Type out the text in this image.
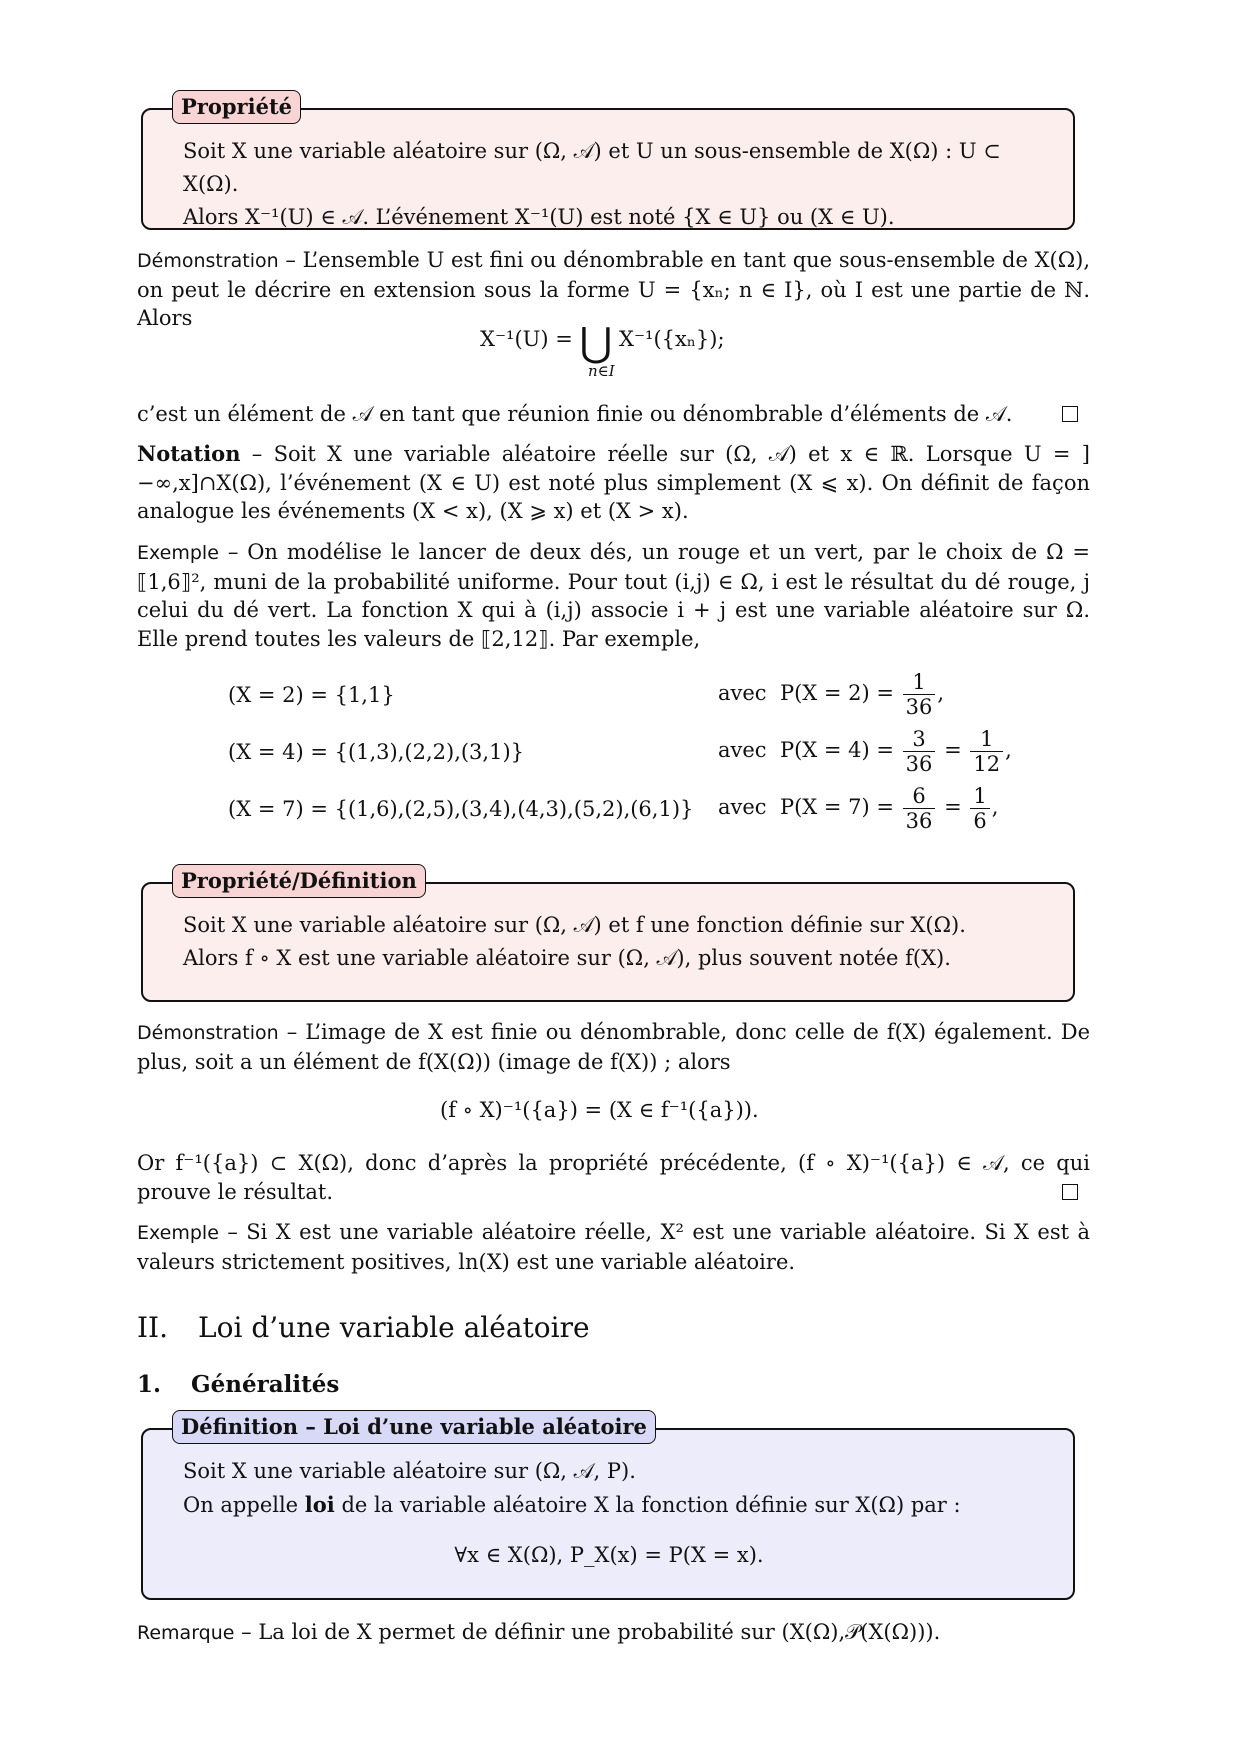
Propriété
Soit X une variable aléatoire sur (Ω, 𝒜) et U un sous-ensemble de X(Ω) : U ⊂ X(Ω).
Alors X⁻¹(U) ∈ 𝒜. L’événement X⁻¹(U) est noté {X ∈ U} ou (X ∈ U).
Démonstration – L’ensemble U est fini ou dénombrable en tant que sous-ensemble de X(Ω), on peut le décrire en extension sous la forme U = {xₙ; n ∈ I}, où I est une partie de ℕ. Alors
X⁻¹(U) = ⋃ X⁻¹({xₙ});
n∈I
c’est un élément de 𝒜 en tant que réunion finie ou dénombrable d’éléments de 𝒜.
Notation – Soit X une variable aléatoire réelle sur (Ω, 𝒜) et x ∈ ℝ. Lorsque U = ]−∞,x]∩X(Ω), l’événement (X ∈ U) est noté plus simplement (X ⩽ x). On définit de façon analogue les événements (X < x), (X ⩾ x) et (X > x).
Exemple – On modélise le lancer de deux dés, un rouge et un vert, par le choix de Ω = ⟦1,6⟧², muni de la probabilité uniforme. Pour tout (i,j) ∈ Ω, i est le résultat du dé rouge, j celui du dé vert. La fonction X qui à (i,j) associe i + j est une variable aléatoire sur Ω. Elle prend toutes les valeurs de ⟦2,12⟧. Par exemple,
(X = 2) = {1,1}	avec $P(X = 2) = \frac{1}{36}$ ,
(X = 4) = {(1,3),(2,2),(3,1)}	avec $P(X = 4) = \frac{3}{36} = \frac{1}{12}$ ,
(X = 7) = {(1,6),(2,5),(3,4),(4,3),(5,2),(6,1)} avec $P(X = 7) = \frac{6}{36} = \frac{1}{6}$ ,
Propriété/Définition
Soit X une variable aléatoire sur (Ω, 𝒜) et f une fonction définie sur X(Ω).
Alors f ∘ X est une variable aléatoire sur (Ω, 𝒜), plus souvent notée f(X).
Démonstration – L’image de X est finie ou dénombrable, donc celle de f(X) également. De plus, soit a un élément de f(X(Ω)) (image de f(X)) ; alors
(f ∘ X)⁻¹({a}) = (X ∈ f⁻¹({a})).
Or f⁻¹({a}) ⊂ X(Ω), donc d’après la propriété précédente, (f ∘ X)⁻¹({a}) ∈ 𝒜, ce qui prouve le résultat.
Exemple – Si X est une variable aléatoire réelle, X² est une variable aléatoire. Si X est à valeurs strictement positives, ln(X) est une variable aléatoire.
II. Loi d’une variable aléatoire
1. Généralités
Définition – Loi d’une variable aléatoire
Soit X une variable aléatoire sur (Ω, 𝒜, P).
On appelle loi de la variable aléatoire X la fonction définie sur X(Ω) par :
∀x ∈ X(Ω), P_X(x) = P(X = x).
Remarque – La loi de X permet de définir une probabilité sur (X(Ω),𝒫(X(Ω))).
